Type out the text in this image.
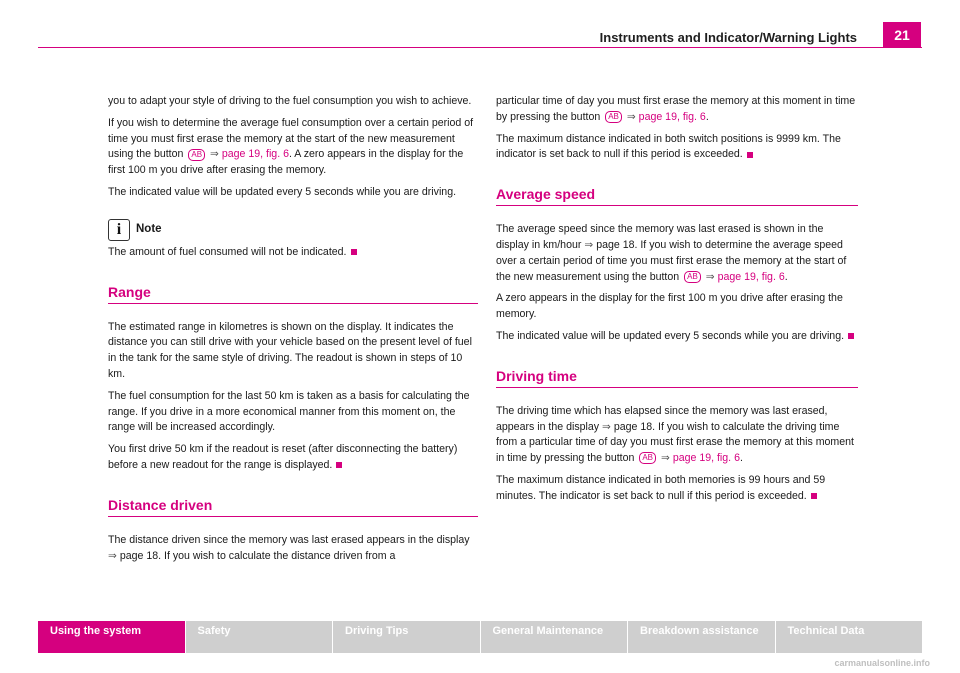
Instruments and Indicator/Warning Lights	21

you to adapt your style of driving to the fuel consumption you wish to achieve.

If you wish to determine the average fuel consumption over a certain period of time you must first erase the memory at the start of the new measurement using the button AB ⇒ page 19, fig. 6. A zero appears in the display for the first 100 m you drive after erasing the memory.

The indicated value will be updated every 5 seconds while you are driving.

i	Note

The amount of fuel consumed will not be indicated.

Range

The estimated range in kilometres is shown on the display. It indicates the distance you can still drive with your vehicle based on the present level of fuel in the tank for the same style of driving. The readout is shown in steps of 10 km.

The fuel consumption for the last 50 km is taken as a basis for calculating the range. If you drive in a more economical manner from this moment on, the range will be increased accordingly.

You first drive 50 km if the readout is reset (after disconnecting the battery) before a new readout for the range is displayed.

Distance driven

The distance driven since the memory was last erased appears in the display ⇒ page 18. If you wish to calculate the distance driven from a

particular time of day you must first erase the memory at this moment in time by pressing the button AB ⇒ page 19, fig. 6.

The maximum distance indicated in both switch positions is 9999 km. The indicator is set back to null if this period is exceeded.

Average speed

The average speed since the memory was last erased is shown in the display in km/hour ⇒ page 18. If you wish to determine the average speed over a certain period of time you must first erase the memory at the start of the new measurement using the button AB ⇒ page 19, fig. 6.

A zero appears in the display for the first 100 m you drive after erasing the memory.

The indicated value will be updated every 5 seconds while you are driving.

Driving time

The driving time which has elapsed since the memory was last erased, appears in the display ⇒ page 18. If you wish to calculate the driving time from a particular time of day you must first erase the memory at this moment in time by pressing the button AB ⇒ page 19, fig. 6.

The maximum distance indicated in both memories is 99 hours and 59 minutes. The indicator is set back to null if this period is exceeded.

Using the system	Safety	Driving Tips	General Maintenance	Breakdown assistance	Technical Data
carmanualsonline.info
